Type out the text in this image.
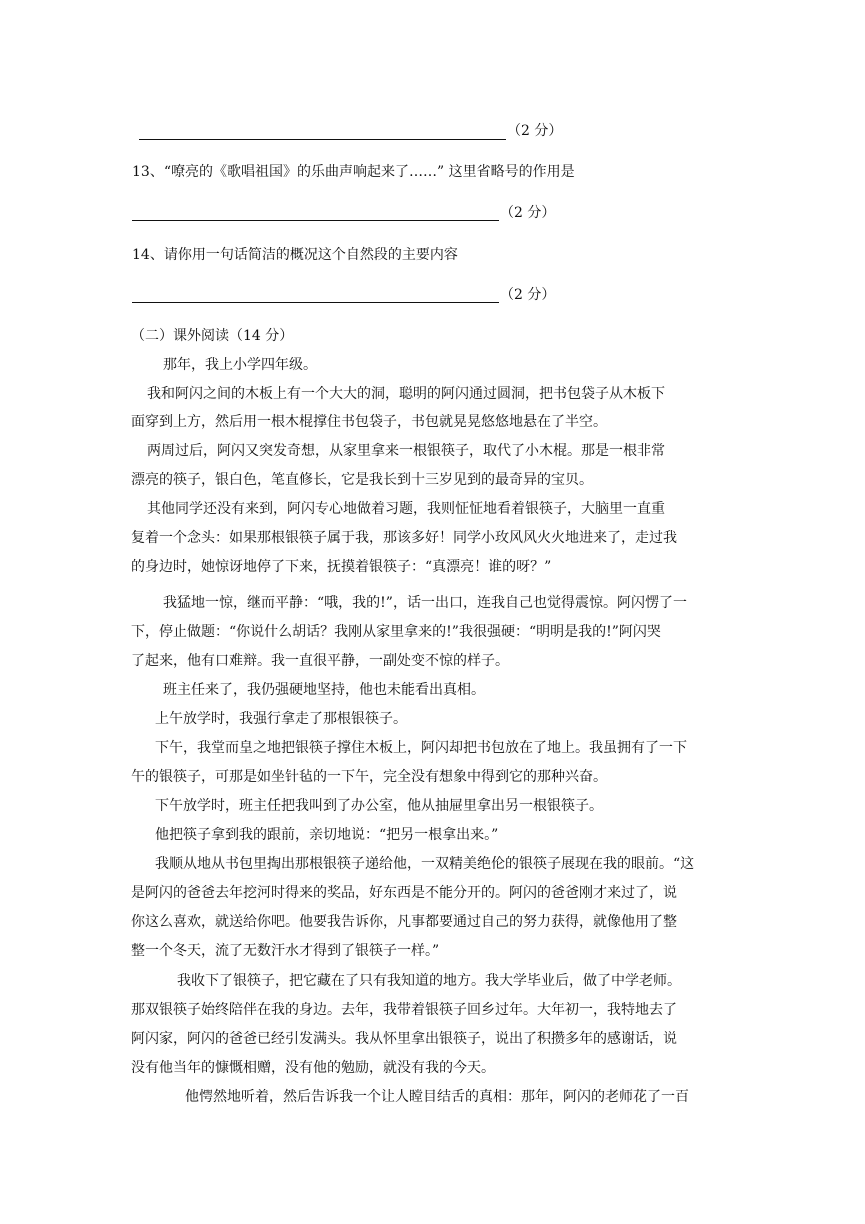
（2 分）
13、“嘹亮的《歌唱祖国》的乐曲声响起来了……” 这里省略号的作用是
（2 分）
14、请你用一句话简洁的概况这个自然段的主要内容
（2 分）
（二）课外阅读（14 分）
那年，我上小学四年级。
我和阿闪之间的木板上有一个大大的洞，聪明的阿闪通过圆洞，把书包袋子从木板下
面穿到上方，然后用一根木棍撑住书包袋子，书包就晃晃悠悠地悬在了半空。
两周过后，阿闪又突发奇想，从家里拿来一根银筷子，取代了小木棍。那是一根非常
漂亮的筷子，银白色，笔直修长，它是我长到十三岁见到的最奇异的宝贝。
其他同学还没有来到，阿闪专心地做着习题，我则怔怔地看着银筷子，大脑里一直重
复着一个念头：如果那根银筷子属于我，那该多好！同学小玫风风火火地进来了，走过我
的身边时，她惊讶地停了下来，抚摸着银筷子：“真漂亮！谁的呀？”
我猛地一惊，继而平静：“哦，我的!”，话一出口，连我自己也觉得震惊。阿闪愣了一
下，停止做题：“你说什么胡话？我刚从家里拿来的!”我很强硬：“明明是我的!”阿闪哭
了起来，他有口难辩。我一直很平静，一副处变不惊的样子。
班主任来了，我仍强硬地坚持，他也未能看出真相。
上午放学时，我强行拿走了那根银筷子。
下午，我堂而皇之地把银筷子撑住木板上，阿闪却把书包放在了地上。我虽拥有了一下
午的银筷子，可那是如坐针毡的一下午，完全没有想象中得到它的那种兴奋。
下午放学时，班主任把我叫到了办公室，他从抽屉里拿出另一根银筷子。
他把筷子拿到我的跟前，亲切地说：“把另一根拿出来。”
我顺从地从书包里掏出那根银筷子递给他，一双精美绝伦的银筷子展现在我的眼前。“这
是阿闪的爸爸去年挖河时得来的奖品，好东西是不能分开的。阿闪的爸爸刚才来过了，说
你这么喜欢，就送给你吧。他要我告诉你，凡事都要通过自己的努力获得，就像他用了整
整一个冬天，流了无数汗水才得到了银筷子一样。”
我收下了银筷子，把它藏在了只有我知道的地方。我大学毕业后，做了中学老师。
那双银筷子始终陪伴在我的身边。去年，我带着银筷子回乡过年。大年初一，我特地去了
阿闪家，阿闪的爸爸已经引发满头。我从怀里拿出银筷子，说出了积攒多年的感谢话，说
没有他当年的慷慨相赠，没有他的勉励，就没有我的今天。
他愕然地听着，然后告诉我一个让人瞠目结舌的真相：那年，阿闪的老师花了一百
